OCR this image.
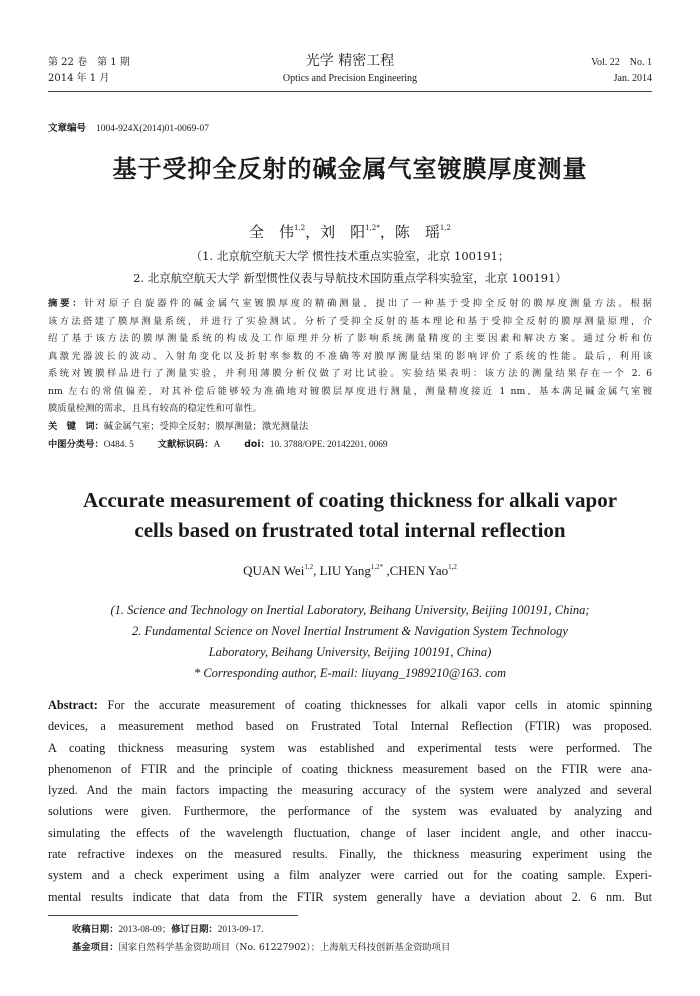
第 22 卷　第 1 期
2014 年 1 月
光学 精密工程
Optics and Precision Engineering
Vol. 22　No. 1
Jan. 2014
文章编号 1004-924X(2014)01-0069-07
基于受抑全反射的碱金属气室镀膜厚度测量
全　伟$^{1,2}$，刘　阳$^{1,2*}$，陈　瑶$^{1,2}$
（1. 北京航空航天大学 惯性技术重点实验室，北京 100191；
2. 北京航空航天大学 新型惯性仪表与导航技术国防重点学科实验室，北京 100191）
摘要：针对原子自旋器件的碱金属气室镀膜厚度的精确测量，提出了一种基于受抑全反射的膜厚度测量方法。根据
该方法搭建了膜厚测量系统，并进行了实验测试。分析了受抑全反射的基本理论和基于受抑全反射的膜厚测量原理，介
绍了基于该方法的膜厚测量系统的构成及工作原理并分析了影响系统测量精度的主要因素和解决方案。通过分析和仿
真激光器波长的波动、入射角变化以及折射率参数的不准确等对膜厚测量结果的影响评价了系统的性能。最后，利用该
系统对镀膜样品进行了测量实验，并利用薄膜分析仪做了对比试验。实验结果表明：该方法的测量结果存在一个 2. 6
nm 左右的常值偏差，对其补偿后能够较为准确地对镀膜层厚度进行测量，测量精度接近 1 nm，基本满足碱金属气室镀
膜质量检测的需求，且具有较高的稳定性和可靠性。
关　键　词：碱金属气室；受抑全反射；膜厚测量；激光测量法
中图分类号：O484. 5	文献标识码：A	doi：10. 3788/OPE. 20142201. 0069
Accurate measurement of coating thickness for alkali vapor
cells based on frustrated total internal reflection
QUAN Wei$^{1,2}$, LIU Yang$^{1,2*}$ ,CHEN Yao$^{1,2}$
(1. Science and Technology on Inertial Laboratory, Beihang University, Beijing 100191, China;
2. Fundamental Science on Novel Inertial Instrument & Navigation System Technology
Laboratory, Beihang University, Beijing 100191, China)
* Corresponding author, E-mail: liuyang_1989210@163. com
Abstract: For the accurate measurement of coating thicknesses for alkali vapor cells in atomic spinning
devices, a measurement method based on Frustrated Total Internal Reflection (FTIR) was proposed.
A coating thickness measuring system was established and experimental tests were performed. The
phenomenon of FTIR and the principle of coating thickness measurement based on the FTIR were ana-
lyzed. And the main factors impacting the measuring accuracy of the system were analyzed and several
solutions were given. Furthermore, the performance of the system was evaluated by analyzing and
simulating the effects of the wavelength fluctuation, change of laser incident angle, and other inaccu-
rate refractive indexes on the measured results. Finally, the thickness measuring experiment using the
system and a check experiment using a film analyzer were carried out for the coating sample. Experi-
mental results indicate that data from the FTIR system generally have a deviation about 2. 6 nm. But
收稿日期：2013-08-09；修订日期：2013-09-17.
基金项目：国家自然科学基金资助项目（No. 61227902）；上海航天科技创新基金资助项目
